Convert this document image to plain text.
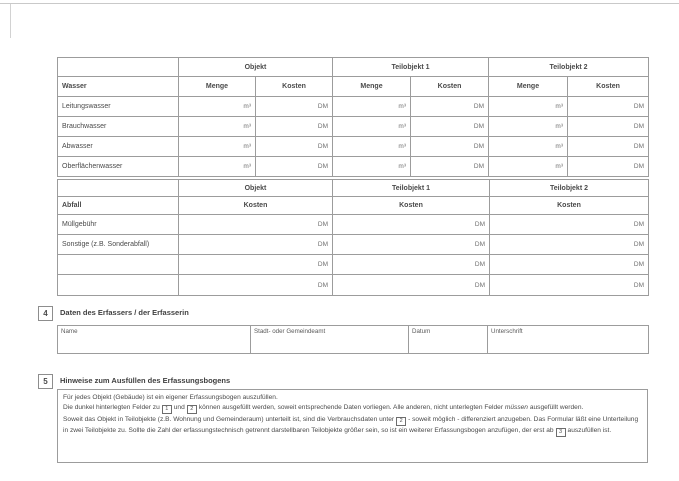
	Objekt		Teilobjekt 1		Teilobjekt 2	
Wasser	Menge	Kosten	Menge	Kosten	Menge	Kosten
Leitungswasser	m³	DM	m³	DM	m³	DM
Brauchwasser	m³	DM	m³	DM	m³	DM
Abwasser	m³	DM	m³	DM	m³	DM
Oberflächenwasser	m³	DM	m³	DM	m³	DM
	Objekt	Teilobjekt 1	Teilobjekt 2
Abfall	Kosten	Kosten	Kosten
Müllgebühr	DM	DM	DM
Sonstige (z.B. Sonderabfall)	DM	DM	DM
	DM	DM	DM
	DM	DM	DM
4	Daten des Erfassers / der Erfasserin
Name	Stadt- oder Gemeindeamt	Datum	Unterschrift
5	Hinweise zum Ausfüllen des Erfassungsbogens

Für jedes Objekt (Gebäude) ist ein eigener Erfassungsbogen auszufüllen.

Die dunkel hinterlegten Felder zu 1 und 2 können ausgefüllt werden, soweit entsprechende Daten vorliegen. Alle anderen, nicht unterlegten Felder müssen ausgefüllt werden.

Soweit das Objekt in Teilobjekte (z.B. Wohnung und Gemeinderaum) unterteilt ist, sind die Verbrauchsdaten unter 2 - soweit möglich - differenziert anzugeben. Das Formular läßt eine Unterteilung in zwei Teilobjekte zu. Sollte die Zahl der erfassungstechnisch getrennt darstellbaren Teilobjekte größer sein, so ist ein weiterer Erfassungsbogen anzufügen, der erst ab 3 auszufüllen ist.
